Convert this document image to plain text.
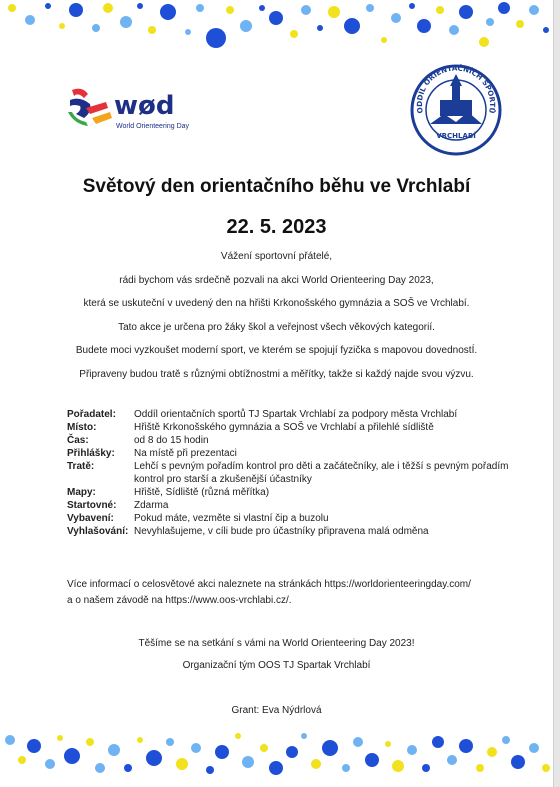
wød
World Orienteering Day
ODDÍL ORIENTAČNÍCH SPORTŮ
VRCHLABÍ
Světový den orientačního běhu ve Vrchlabí
22. 5. 2023

Vážení sportovní přátelé,

rádi bychom vás srdečně pozvali na akci World Orienteering Day 2023,

která se uskuteční v uvedený den na hřišti Krkonošského gymnázia a SOŠ ve Vrchlabí.

Tato akce je určena pro žáky škol a veřejnost všech věkových kategorií.

Budete moci vyzkoušet moderní sport, ve kterém se spojují fyzička s mapovou dovednostÍ.

Připraveny budou tratě s různými obtížnostmi a měřítky, takže si každý najde svou výzvu.

Pořadatel:	Oddíl orientačních sportů TJ Spartak Vrchlabí za podpory města Vrchlabí
Místo:	Hřiště Krkonošského gymnázia a SOŠ ve Vrchlabí a přilehlé sídliště
Čas:	od 8 do 15 hodin
Přihlášky:	Na místě při prezentaci
Tratě:	Lehčí s pevným pořadím kontrol pro děti a začátečníky, ale i těžší s pevným pořadím kontrol pro starší a zkušenější účastníky
Mapy:	Hřiště, Sídliště (různá měřítka)
Startovné:	Zdarma
Vybavení:	Pokud máte, vezměte si vlastní čip a buzolu
Vyhlašování: Nevyhlašujeme, v cíli bude pro účastníky připravena malá odměna
Více informací o celosvětové akci naleznete na stránkách https://worldorienteeringday.com/
a o našem závodě na https://www.oos-vrchlabi.cz/.

Těšíme se na setkání s vámi na World Orienteering Day 2023!

Organizační tým OOS TJ Spartak Vrchlabí

Grant: Eva Nýdrlová
